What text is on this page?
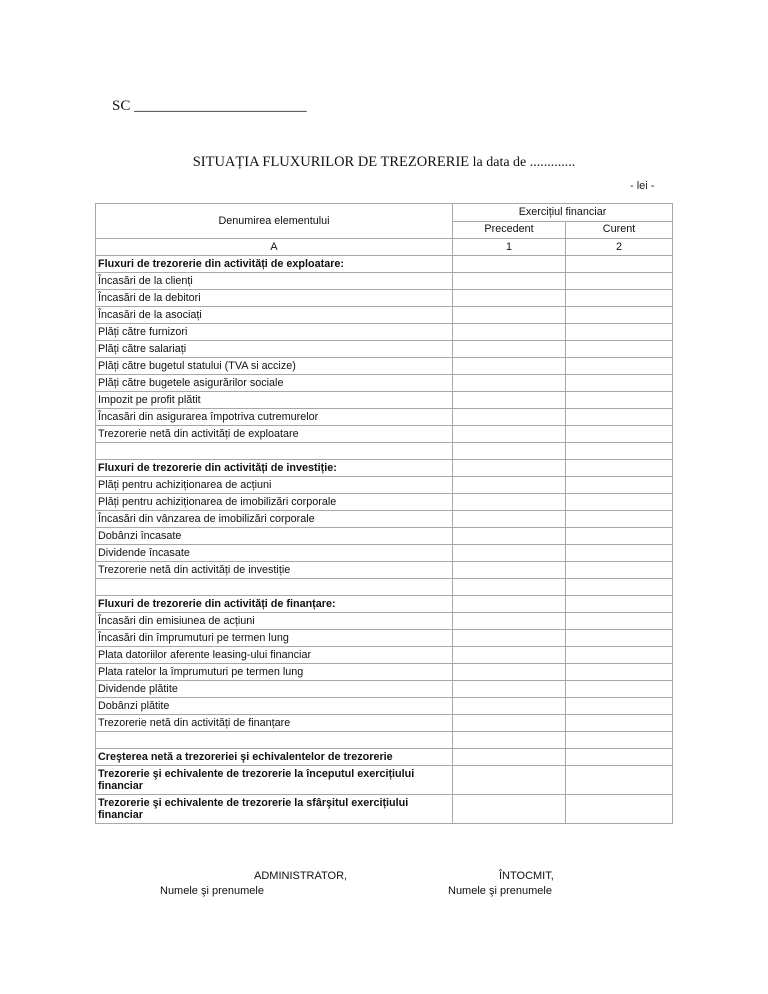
SC _______________________
SITUAȚIA FLUXURILOR DE TREZORERIE la data de .............
- lei -
Denumirea elementului	Exercițiul financiar	
	Precedent	Curent
A	1	2
Fluxuri de trezorerie din activități de exploatare:		
Încasări de la clienți		
Încasări de la debitori		
Încasări de la asociați		
Plăți către furnizori		
Plăți către salariați		
Plăți către bugetul statului (TVA si accize)		
Plăți către bugetele asigurărilor sociale		
Impozit pe profit plătit		
Încasări din asigurarea împotriva cutremurelor		
Trezorerie netă din activități de exploatare		

Fluxuri de trezorerie din activități de investiție:		
Plăți pentru achiziționarea de acțiuni		
Plăți pentru achiziționarea de imobilizări corporale		
Încasări din vânzarea de imobilizări corporale		
Dobânzi încasate		
Dividende încasate		
Trezorerie netă din activități de investiție		

Fluxuri de trezorerie din activități de finanțare:		
Încasări din emisiunea de acțiuni		
Încasări din împrumuturi pe termen lung		
Plata datoriilor aferente leasing-ului financiar		
Plata ratelor la împrumuturi pe termen lung		
Dividende plătite		
Dobânzi plătite		
Trezorerie netă din activități de finanțare		

Creşterea netă a trezoreriei şi echivalentelor de trezorerie		
Trezorerie şi echivalente de trezorerie la începutul exercițiului financiar		
Trezorerie şi echivalente de trezorerie la sfârşitul exercițiului financiar		
ADMINISTRATOR,
Numele şi prenumele
ÎNTOCMIT,
Numele şi prenumele
